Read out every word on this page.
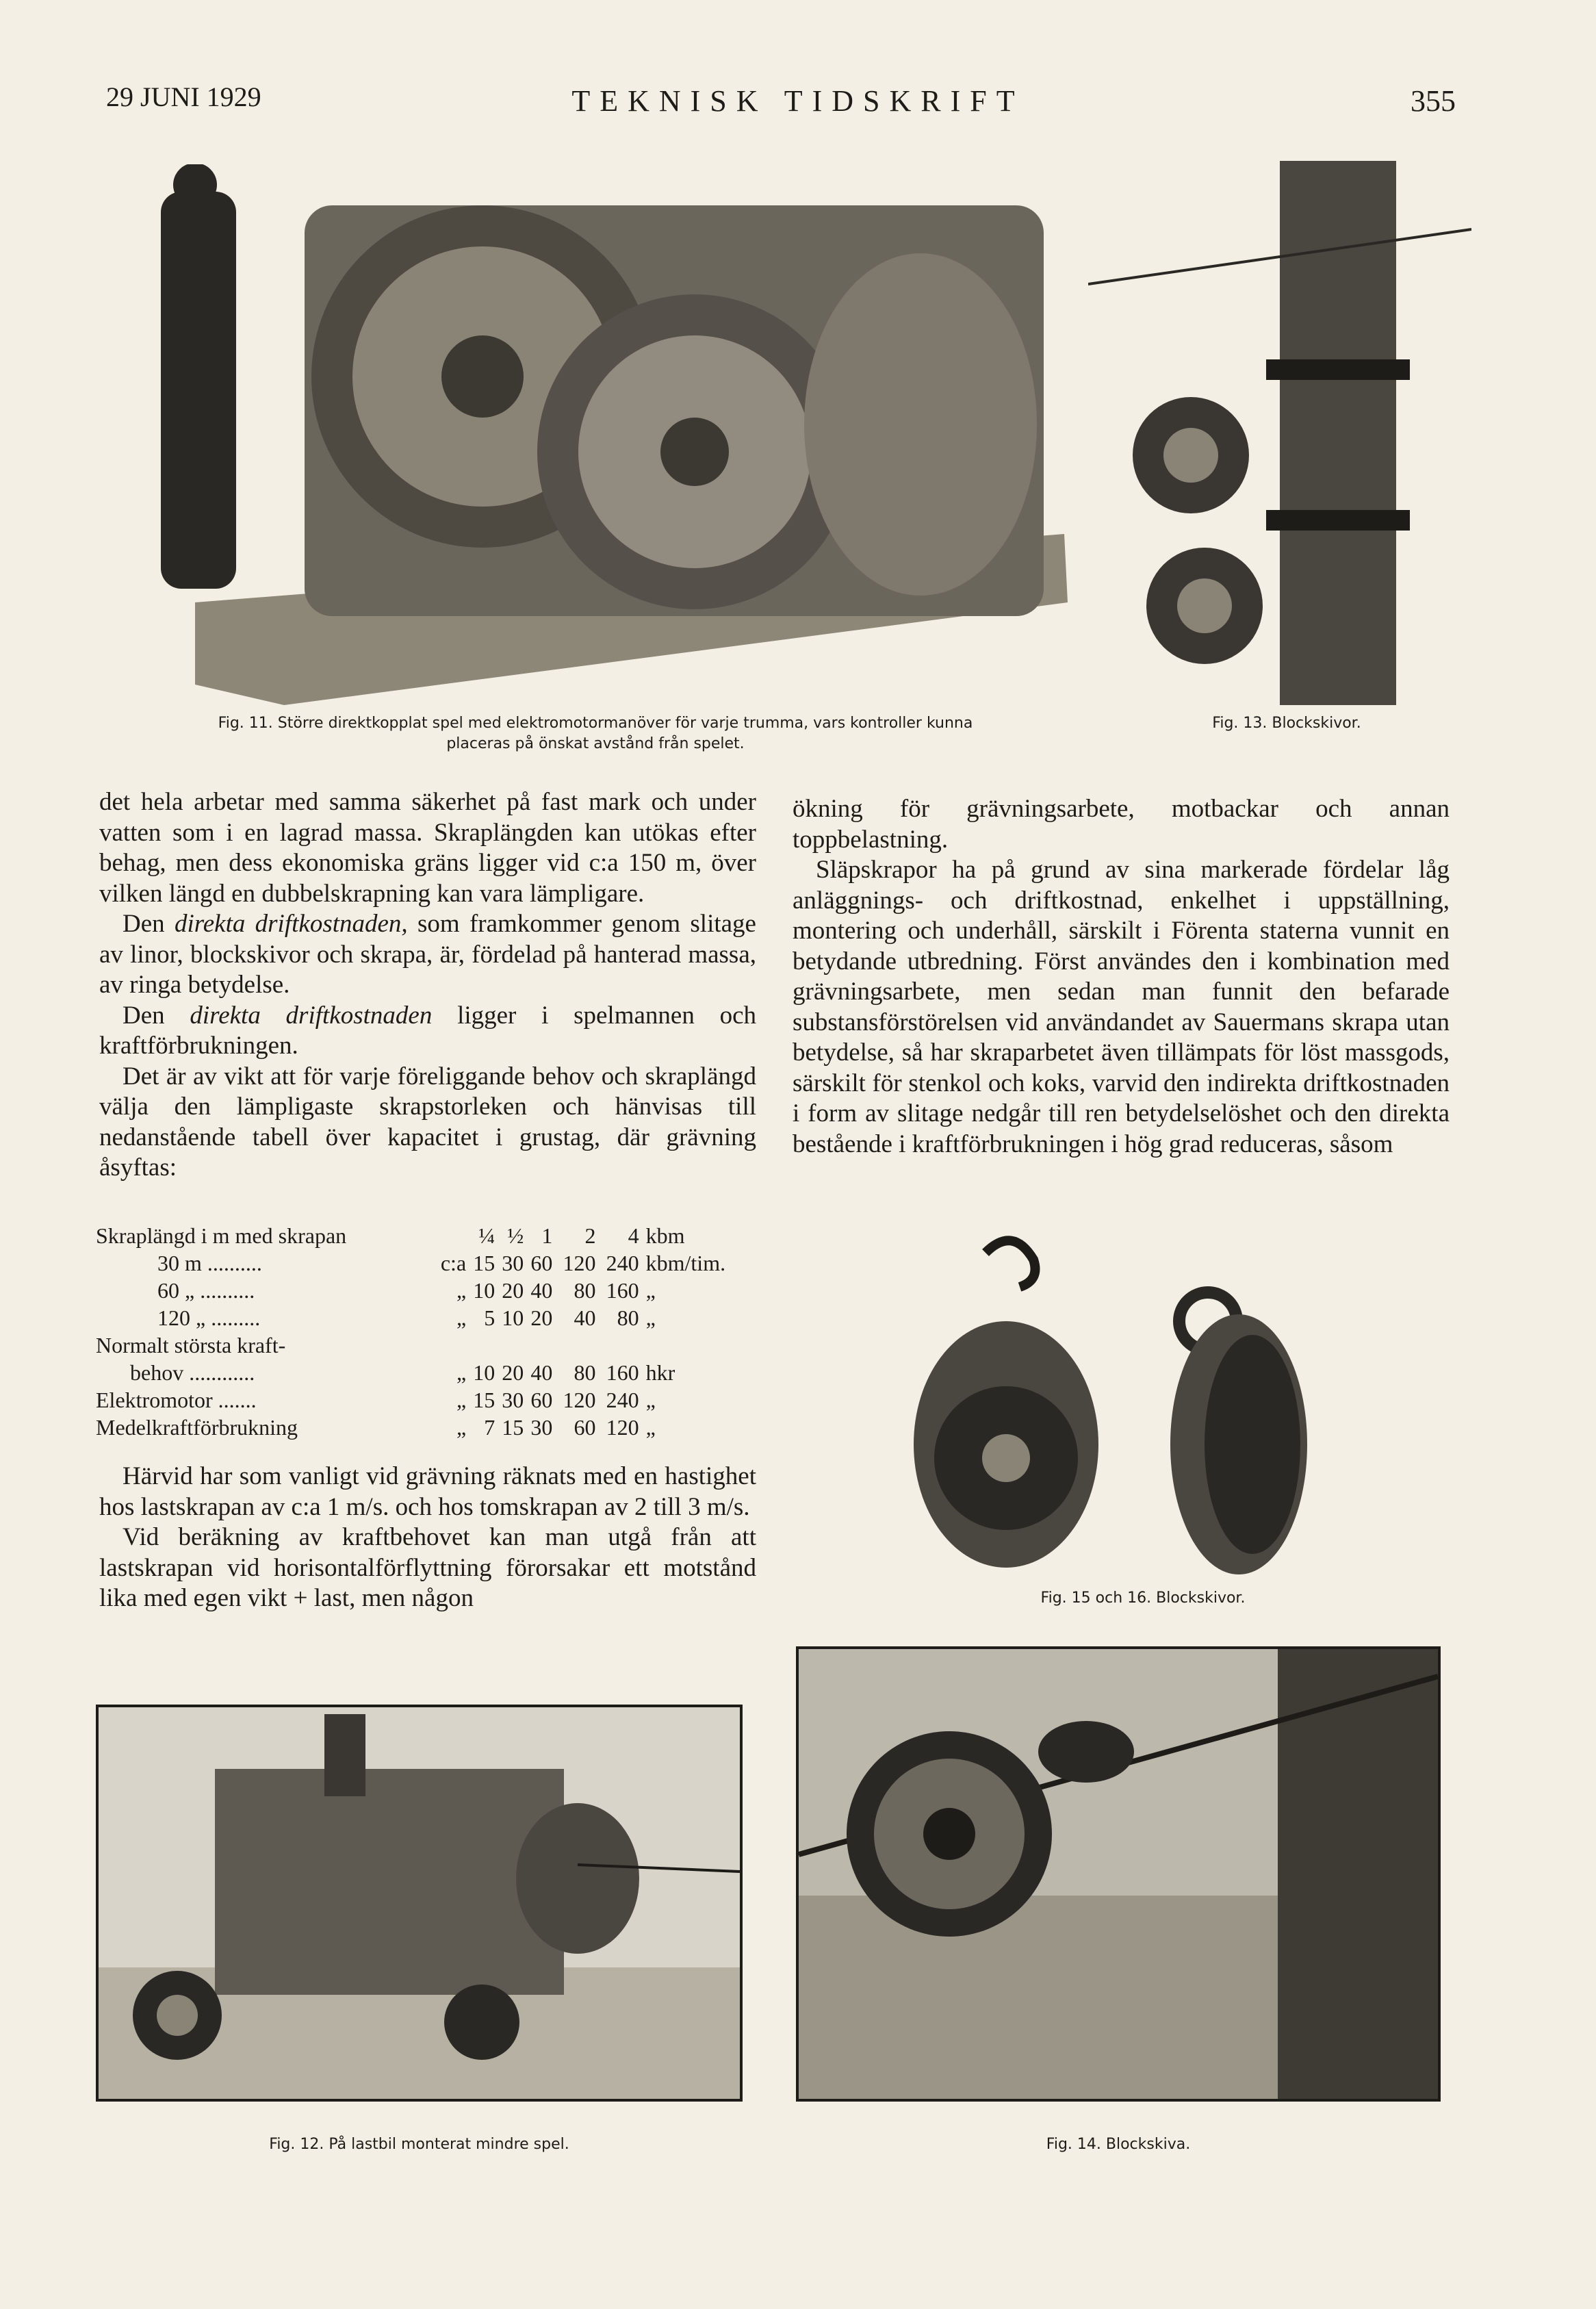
29 JUNI 1929	TEKNISK TIDSKRIFT	355
Fig. 11. Större direktkopplat spel med elektromotormanöver för varje trumma, vars kontroller kunna
placeras på önskat avstånd från spelet.
Fig. 13. Blockskivor.

det hela arbetar med samma säkerhet på fast mark och under vatten som i en lagrad massa. Skraplängden kan utökas efter behag, men dess ekonomiska gräns ligger vid c:a 150 m, över vilken längd en dubbelskrapning kan vara lämpligare.

Den direkta driftkostnaden, som framkommer genom slitage av linor, blockskivor och skrapa, är, fördelad på hanterad massa, av ringa betydelse.

Den direkta driftkostnaden ligger i spelmannen och kraftförbrukningen.

Det är av vikt att för varje föreliggande behov och skraplängd välja den lämpligaste skrapstorleken och hänvisas till nedanstående tabell över kapacitet i grustag, där grävning åsyftas:

Skraplängd i m med skrapan		¼	½	1	2	4	kbm
30 m ..........	c:a	15	30	60	120	240	kbm/tim.
60 „ ..........	„	10	20	40	80	160	„
120 „ .........	„	5	10	20	40	80	„
Normalt största kraft-							
behov ............	„	10	20	40	80	160	hkr
Elektromotor .......	„	15	30	60	120	240	„
Medelkraftförbrukning	„	7	15	30	60	120	„

Härvid har som vanligt vid grävning räknats med en hastighet hos lastskrapan av c:a 1 m/s. och hos tomskrapan av 2 till 3 m/s.

Vid beräkning av kraftbehovet kan man utgå från att lastskrapan vid horisontalförflyttning förorsakar ett motstånd lika med egen vikt + last, men någon

ökning för grävningsarbete, motbackar och annan toppbelastning.

Släpskrapor ha på grund av sina markerade fördelar låg anläggnings- och driftkostnad, enkelhet i uppställning, montering och underhåll, särskilt i Förenta staterna vunnit en betydande utbredning. Först användes den i kombination med grävningsarbete, men sedan man funnit den befarade substansförstörelsen vid användandet av Sauermans skrapa utan betydelse, så har skraparbetet även tillämpats för löst massgods, särskilt för stenkol och koks, varvid den indirekta driftkostnaden i form av slitage nedgår till ren betydelselöshet och den direkta bestående i kraftförbrukningen i hög grad reduceras, såsom

Fig. 15 och 16. Blockskivor.
Fig. 12. På lastbil monterat mindre spel.	Fig. 14. Blockskiva.
